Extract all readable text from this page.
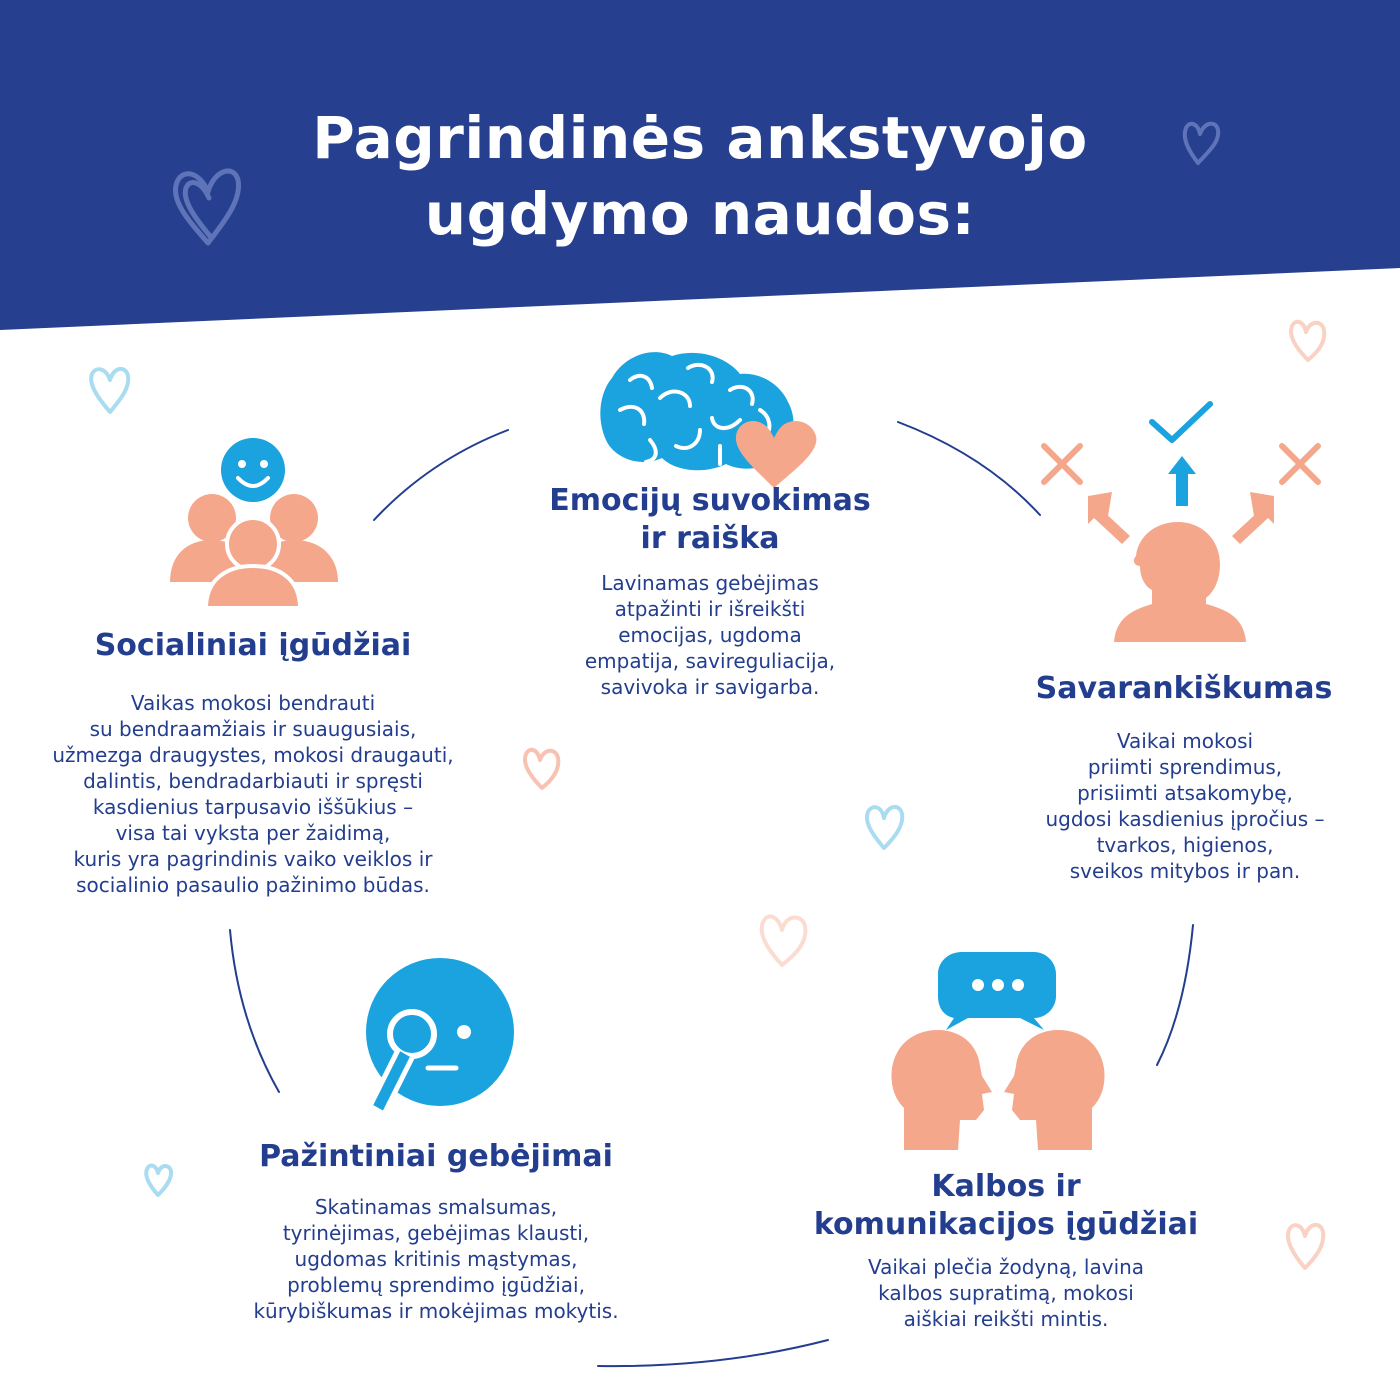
Pagrindinės ankstyvojo
ugdymo naudos:
Emocijų suvokimas
ir raiška
Lavinamas gebėjimas
atpažinti ir išreikšti
emocijas, ugdoma
empatija, savireguliacija,
savivoka ir savigarba.
Socialiniai įgūdžiai
Vaikas mokosi bendrauti
su bendraamžiais ir suaugusiais,
užmezga draugystes, mokosi draugauti,
dalintis, bendradarbiauti ir spręsti
kasdienius tarpusavio iššūkius –
visa tai vyksta per žaidimą,
kuris yra pagrindinis vaiko veiklos ir
socialinio pasaulio pažinimo būdas.
Savarankiškumas
Vaikai mokosi
priimti sprendimus,
prisiimti atsakomybę,
ugdosi kasdienius įpročius –
tvarkos, higienos,
sveikos mitybos ir pan.
Pažintiniai gebėjimai
Skatinamas smalsumas,
tyrinėjimas, gebėjimas klausti,
ugdomas kritinis mąstymas,
problemų sprendimo įgūdžiai,
kūrybiškumas ir mokėjimas mokytis.
Kalbos ir
komunikacijos įgūdžiai
Vaikai plečia žodyną, lavina
kalbos supratimą, mokosi
aiškiai reikšti mintis.
